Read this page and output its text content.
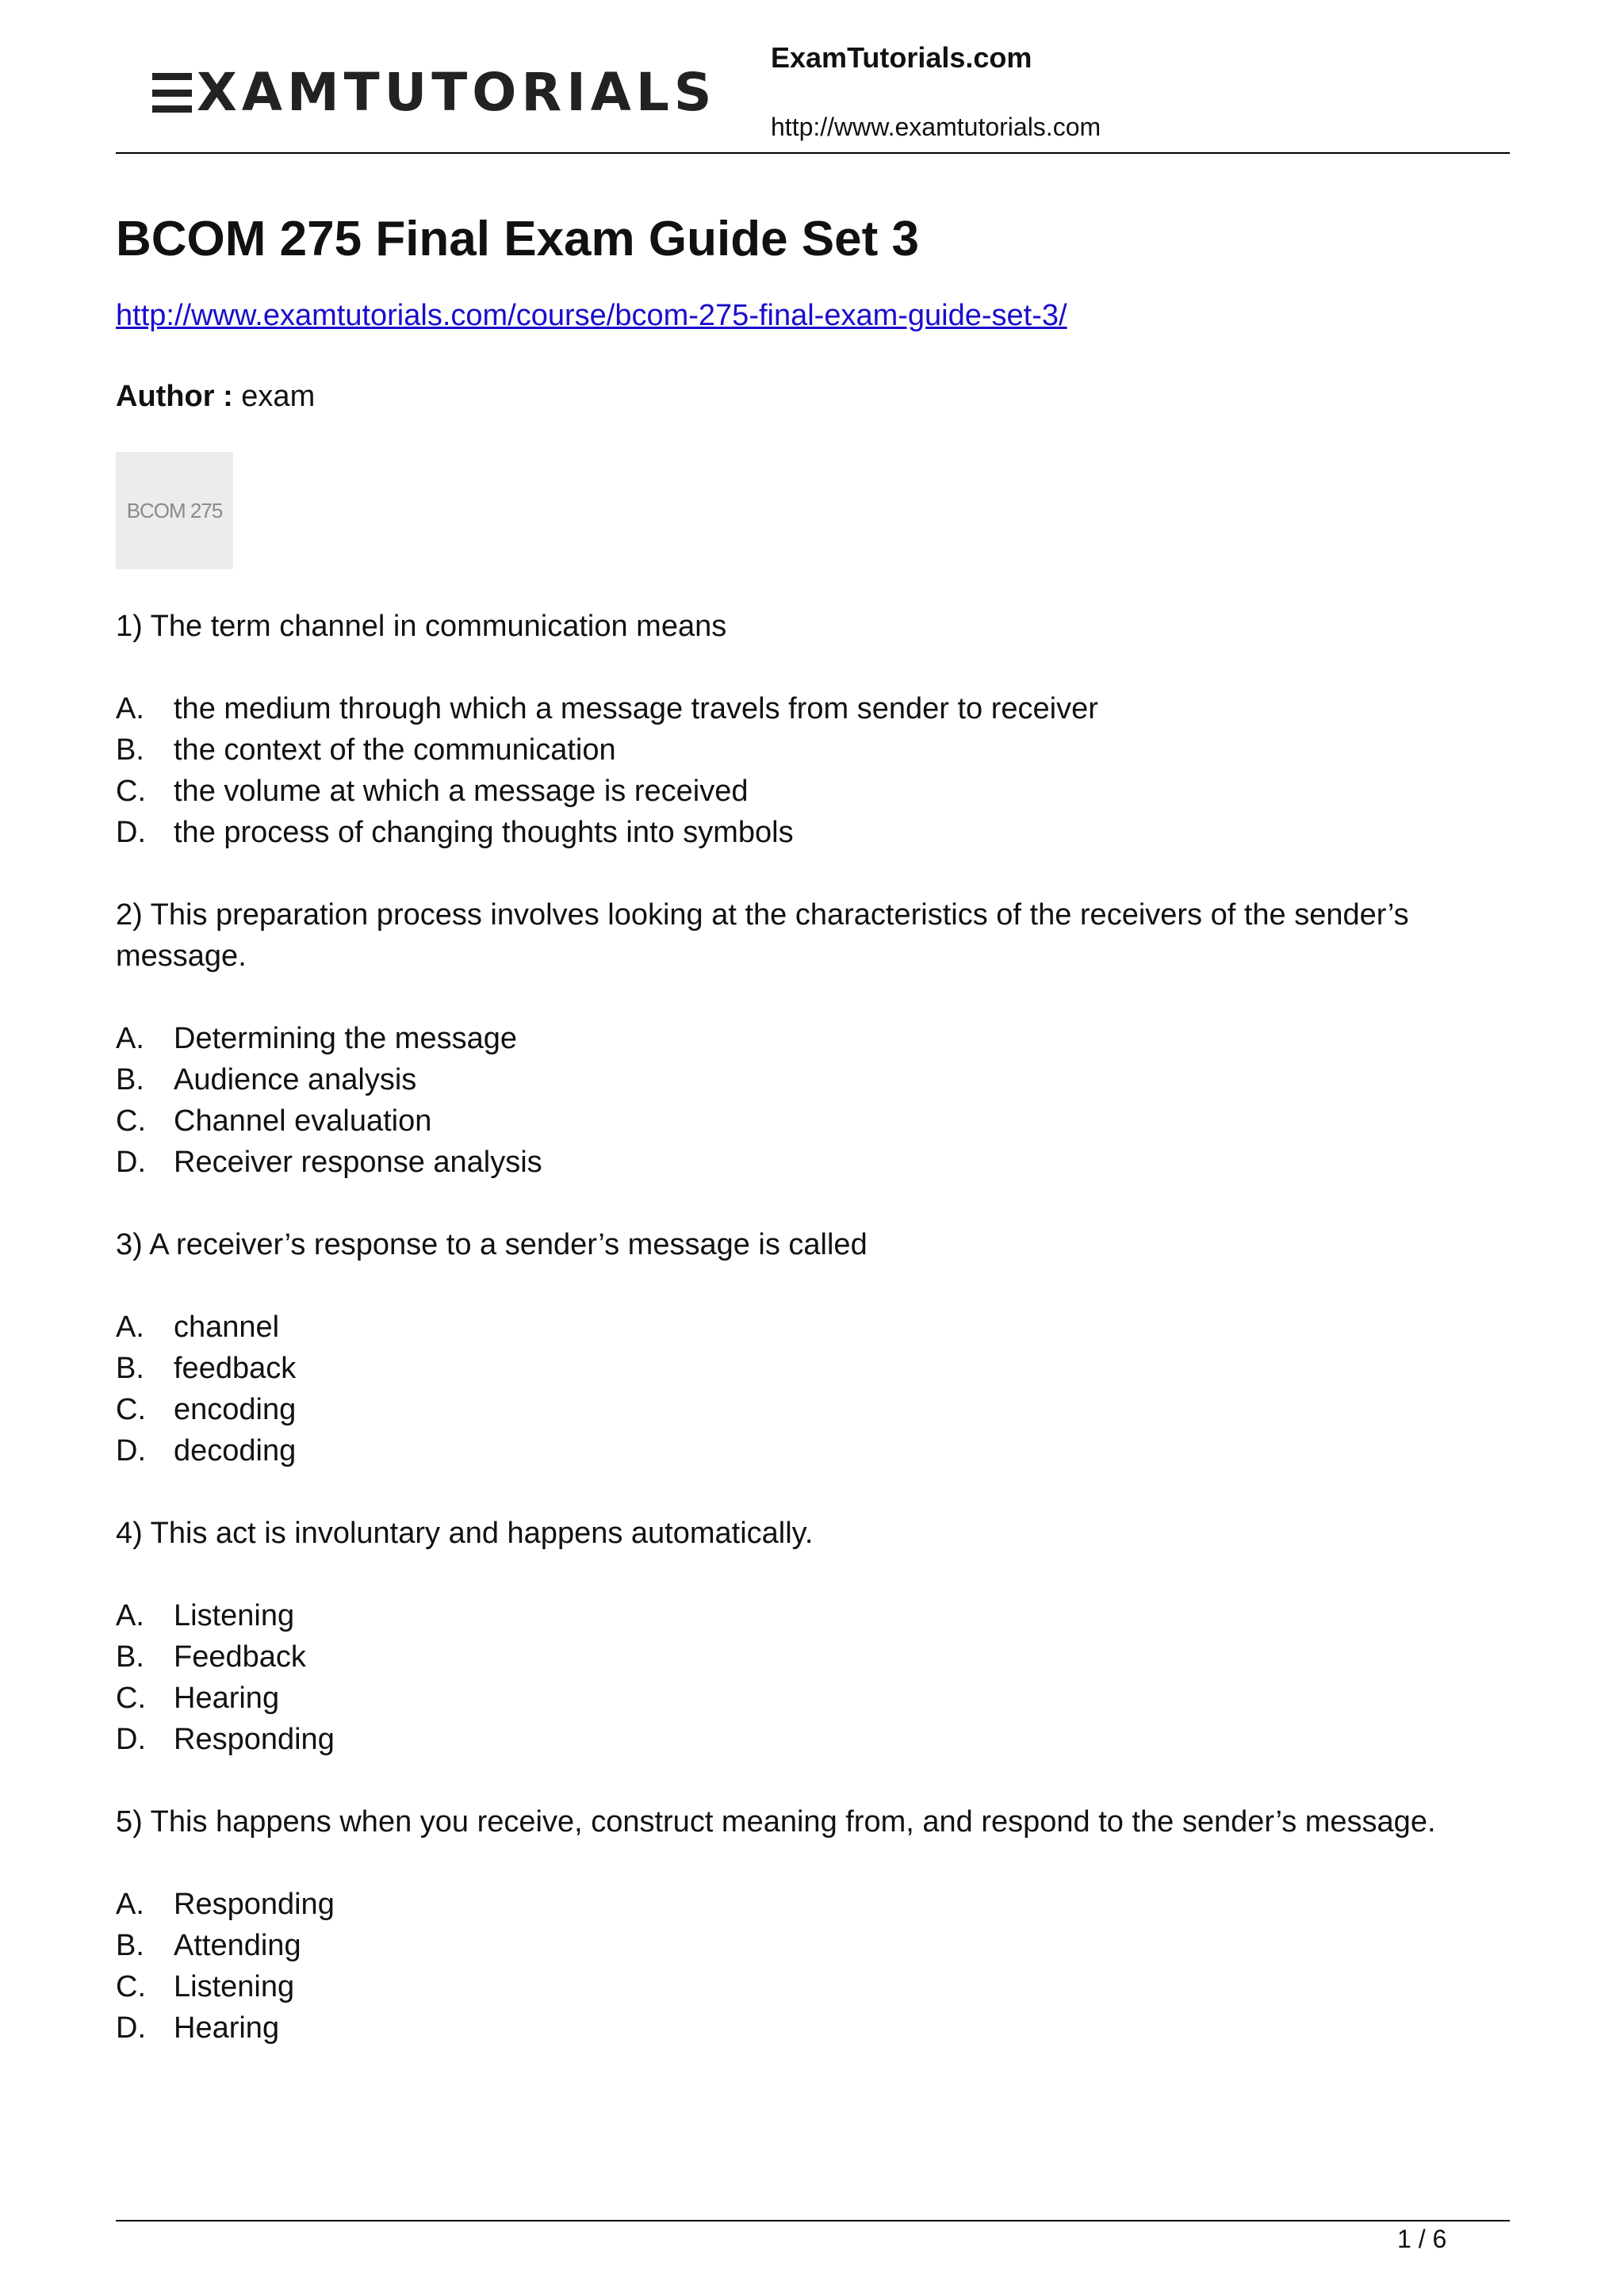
XAMTUTORIALS
ExamTutorials.com
http://www.examtutorials.com
BCOM 275 Final Exam Guide Set 3
http://www.examtutorials.com/course/bcom-275-final-exam-guide-set-3/
Author : exam
BCOM 275

1) The term channel in communication means

A. the medium through which a message travels from sender to receiver
B. the context of the communication
C. the volume at which a message is received
D. the process of changing thoughts into symbols

2) This preparation process involves looking at the characteristics of the receivers of the sender’s message.

A. Determining the message
B. Audience analysis
C. Channel evaluation
D. Receiver response analysis

3) A receiver’s response to a sender’s message is called

A. channel
B. feedback
C. encoding
D. decoding

4) This act is involuntary and happens automatically.

A. Listening
B. Feedback
C. Hearing
D. Responding

5) This happens when you receive, construct meaning from, and respond to the sender’s message.

A. Responding
B. Attending
C. Listening
D. Hearing
1 / 6
